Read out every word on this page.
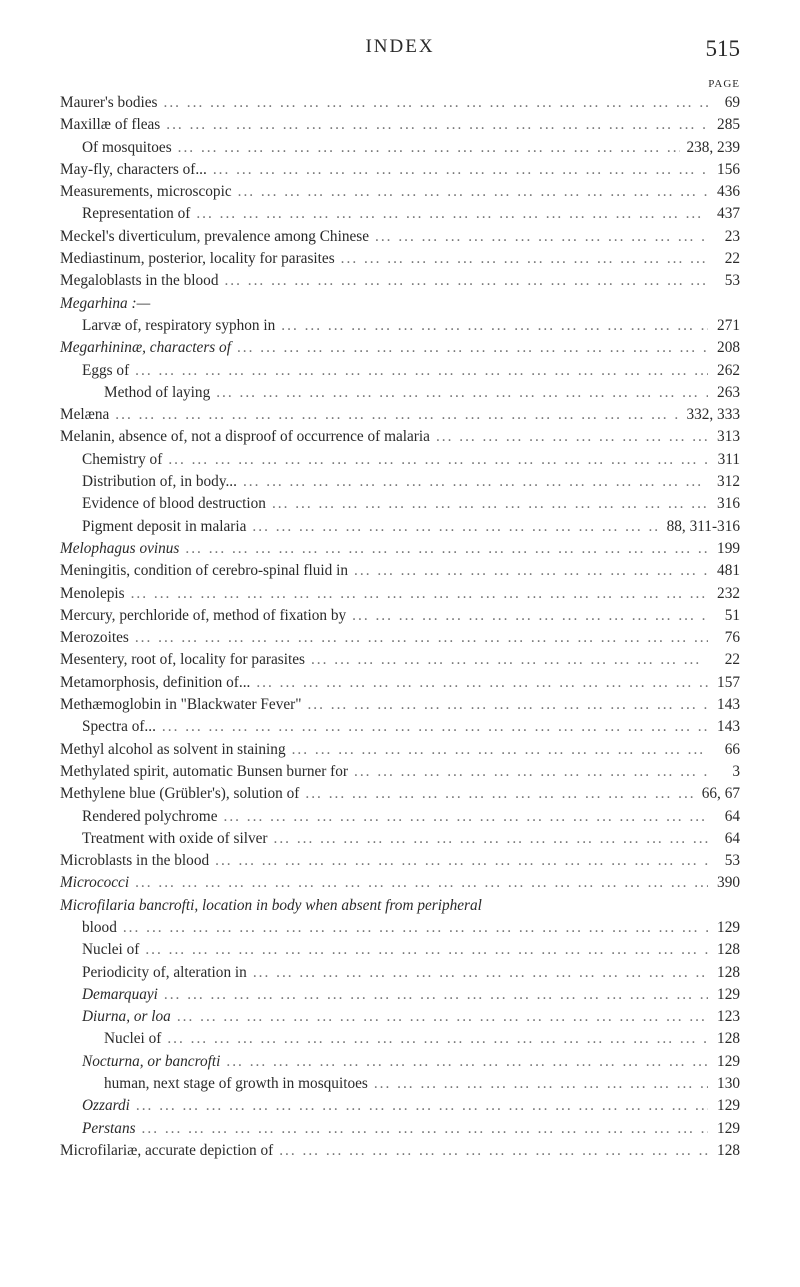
INDEX	515
PAGE
Maurer's bodies ... .	69
Maxillæ of fleas ... .	285
Of mosquitoes ... .	238, 239
May-fly, characters of... ... .	156
Measurements, microscopic ... .	436
Representation of ... .	437
Meckel's diverticulum, prevalence among Chinese ... .	23
Mediastinum, posterior, locality for parasites ... .	22
Megaloblasts in the blood ... .	53
Megarhina :—
Larvæ of, respiratory syphon in ... .	271
Megarhininæ, characters of ... .	208
Eggs of ... .	262
Method of laying ... .	263
Melæna ... .	332, 333
Melanin, absence of, not a disproof of occurrence of malaria ... .	313
Chemistry of ... .	311
Distribution of, in body... ... .	312
Evidence of blood destruction ... .	316
Pigment deposit in malaria ... .	88, 311-316
Melophagus ovinus ... .	199
Meningitis, condition of cerebro-spinal fluid in ... .	481
Menolepis ... .	232
Mercury, perchloride of, method of fixation by ... .	51
Merozoites ... .	76
Mesentery, root of, locality for parasites ... .	22
Metamorphosis, definition of... ... .	157
Methæmoglobin in "Blackwater Fever" ... .	143
Spectra of... ... .	143
Methyl alcohol as solvent in staining ... .	66
Methylated spirit, automatic Bunsen burner for ... .	3
Methylene blue (Grübler's), solution of ... .	66, 67
Rendered polychrome ... .	64
Treatment with oxide of silver ... .	64
Microblasts in the blood ... .	53
Micrococci ... .	390
Microfilaria bancrofti, location in body when absent from peripheral
blood ... .	129
Nuclei of ... .	128
Periodicity of, alteration in ... .	128
Demarquayi ... .	129
Diurna, or loa ... .	123
Nuclei of ... .	128
Nocturna, or bancrofti ... .	129
human, next stage of growth in mosquitoes ... .	130
Ozzardi ... .	129
Perstans ... .	129
Microfilariæ, accurate depiction of ... .	128
